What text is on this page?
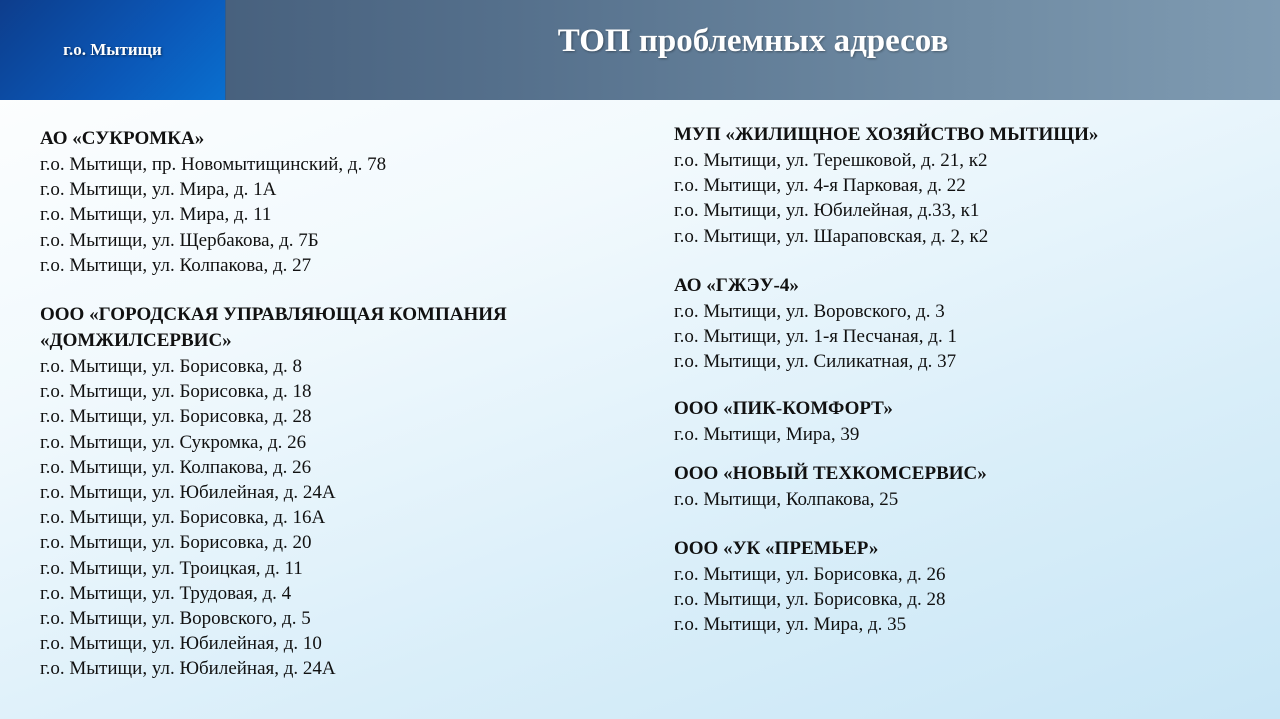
г.о. Мытищи	ТОП проблемных адресов

АО «СУКРОМКА»

г.о. Мытищи, пр. Новомытищинский, д. 78

г.о. Мытищи, ул. Мира, д. 1А

г.о. Мытищи, ул. Мира, д. 11

г.о. Мытищи, ул. Щербакова, д. 7Б

г.о. Мытищи, ул. Колпакова, д. 27

ООО «ГОРОДСКАЯ УПРАВЛЯЮЩАЯ КОМПАНИЯ

«ДОМЖИЛСЕРВИС»

г.о. Мытищи, ул. Борисовка, д. 8

г.о. Мытищи, ул. Борисовка, д. 18

г.о. Мытищи, ул. Борисовка, д. 28

г.о. Мытищи, ул. Сукромка, д. 26

г.о. Мытищи, ул. Колпакова, д. 26

г.о. Мытищи, ул. Юбилейная, д. 24А

г.о. Мытищи, ул. Борисовка, д. 16А

г.о. Мытищи, ул. Борисовка, д. 20

г.о. Мытищи, ул. Троицкая, д. 11

г.о. Мытищи, ул. Трудовая, д. 4

г.о. Мытищи, ул. Воровского, д. 5

г.о. Мытищи, ул. Юбилейная, д. 10

г.о. Мытищи, ул. Юбилейная, д. 24А

МУП «ЖИЛИЩНОЕ ХОЗЯЙСТВО МЫТИЩИ»

г.о. Мытищи, ул. Терешковой, д. 21, к2

г.о. Мытищи, ул. 4-я Парковая, д. 22

г.о. Мытищи, ул. Юбилейная, д.33, к1

г.о. Мытищи, ул. Шараповская, д. 2, к2

АО «ГЖЭУ-4»

г.о. Мытищи, ул. Воровского, д. 3

г.о. Мытищи, ул. 1-я Песчаная, д. 1

г.о. Мытищи, ул. Силикатная, д. 37

ООО «ПИК-КОМФОРТ»

г.о. Мытищи, Мира, 39

ООО «НОВЫЙ ТЕХКОМСЕРВИС»

г.о. Мытищи, Колпакова, 25

ООО «УК «ПРЕМЬЕР»

г.о. Мытищи, ул. Борисовка, д. 26

г.о. Мытищи, ул. Борисовка, д. 28

г.о. Мытищи, ул. Мира, д. 35
